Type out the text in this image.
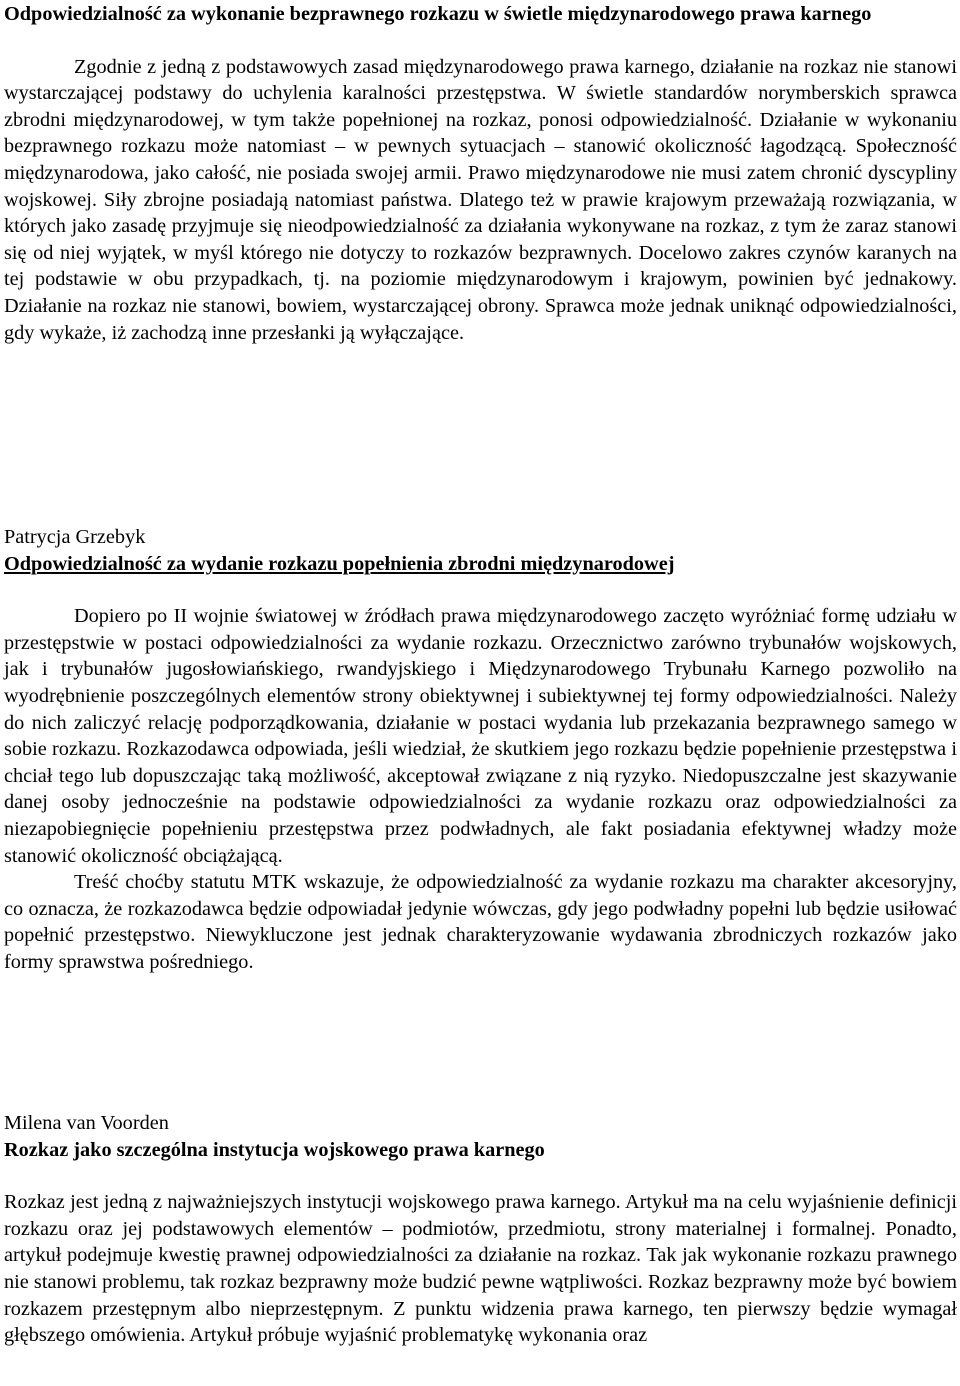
Odpowiedzialność za wykonanie bezprawnego rozkazu w świetle międzynarodowego prawa karnego

Zgodnie z jedną z podstawowych zasad międzynarodowego prawa karnego, działanie na rozkaz nie stanowi wystarczającej podstawy do uchylenia karalności przestępstwa. W świetle standardów norymberskich sprawca zbrodni międzynarodowej, w tym także popełnionej na rozkaz, ponosi odpowiedzialność. Działanie w wykonaniu bezprawnego rozkazu może natomiast – w pewnych sytuacjach – stanowić okoliczność łagodzącą. Społeczność międzynarodowa, jako całość, nie posiada swojej armii. Prawo międzynarodowe nie musi zatem chronić dyscypliny wojskowej. Siły zbrojne posiadają natomiast państwa. Dlatego też w prawie krajowym przeważają rozwiązania, w których jako zasadę przyjmuje się nieodpowiedzialność za działania wykonywane na rozkaz, z tym że zaraz stanowi się od niej wyjątek, w myśl którego nie dotyczy to rozkazów bezprawnych. Docelowo zakres czynów karanych na tej podstawie w obu przypadkach, tj. na poziomie międzynarodowym i krajowym, powinien być jednakowy. Działanie na rozkaz nie stanowi, bowiem, wystarczającej obrony. Sprawca może jednak uniknąć odpowiedzialności, gdy wykaże, iż zachodzą inne przesłanki ją wyłączające.

Patrycja Grzebyk
Odpowiedzialność za wydanie rozkazu popełnienia zbrodni międzynarodowej

Dopiero po II wojnie światowej w źródłach prawa międzynarodowego zaczęto wyróżniać formę udziału w przestępstwie w postaci odpowiedzialności za wydanie rozkazu. Orzecznictwo zarówno trybunałów wojskowych, jak i trybunałów jugosłowiańskiego, rwandyjskiego i Międzynarodowego Trybunału Karnego pozwoliło na wyodrębnienie poszczególnych elementów strony obiektywnej i subiektywnej tej formy odpowiedzialności. Należy do nich zaliczyć relację podporządkowania, działanie w postaci wydania lub przekazania bezprawnego samego w sobie rozkazu. Rozkazodawca odpowiada, jeśli wiedział, że skutkiem jego rozkazu będzie popełnienie przestępstwa i chciał tego lub dopuszczając taką możliwość, akceptował związane z nią ryzyko. Niedopuszczalne jest skazywanie danej osoby jednocześnie na podstawie odpowiedzialności za wydanie rozkazu oraz odpowiedzialności za niezapobiegnięcie popełnieniu przestępstwa przez podwładnych, ale fakt posiadania efektywnej władzy może stanowić okoliczność obciążającą.

Treść choćby statutu MTK wskazuje, że odpowiedzialność za wydanie rozkazu ma charakter akcesoryjny, co oznacza, że rozkazodawca będzie odpowiadał jedynie wówczas, gdy jego podwładny popełni lub będzie usiłować popełnić przestępstwo. Niewykluczone jest jednak charakteryzowanie wydawania zbrodniczych rozkazów jako formy sprawstwa pośredniego.

Milena van Voorden
Rozkaz jako szczególna instytucja wojskowego prawa karnego

Rozkaz jest jedną z najważniejszych instytucji wojskowego prawa karnego. Artykuł ma na celu wyjaśnienie definicji rozkazu oraz jej podstawowych elementów – podmiotów, przedmiotu, strony materialnej i formalnej. Ponadto, artykuł podejmuje kwestię prawnej odpowiedzialności za działanie na rozkaz. Tak jak wykonanie rozkazu prawnego nie stanowi problemu, tak rozkaz bezprawny może budzić pewne wątpliwości. Rozkaz bezprawny może być bowiem rozkazem przestępnym albo nieprzestępnym. Z punktu widzenia prawa karnego, ten pierwszy będzie wymagał głębszego omówienia. Artykuł próbuje wyjaśnić problematykę wykonania oraz
